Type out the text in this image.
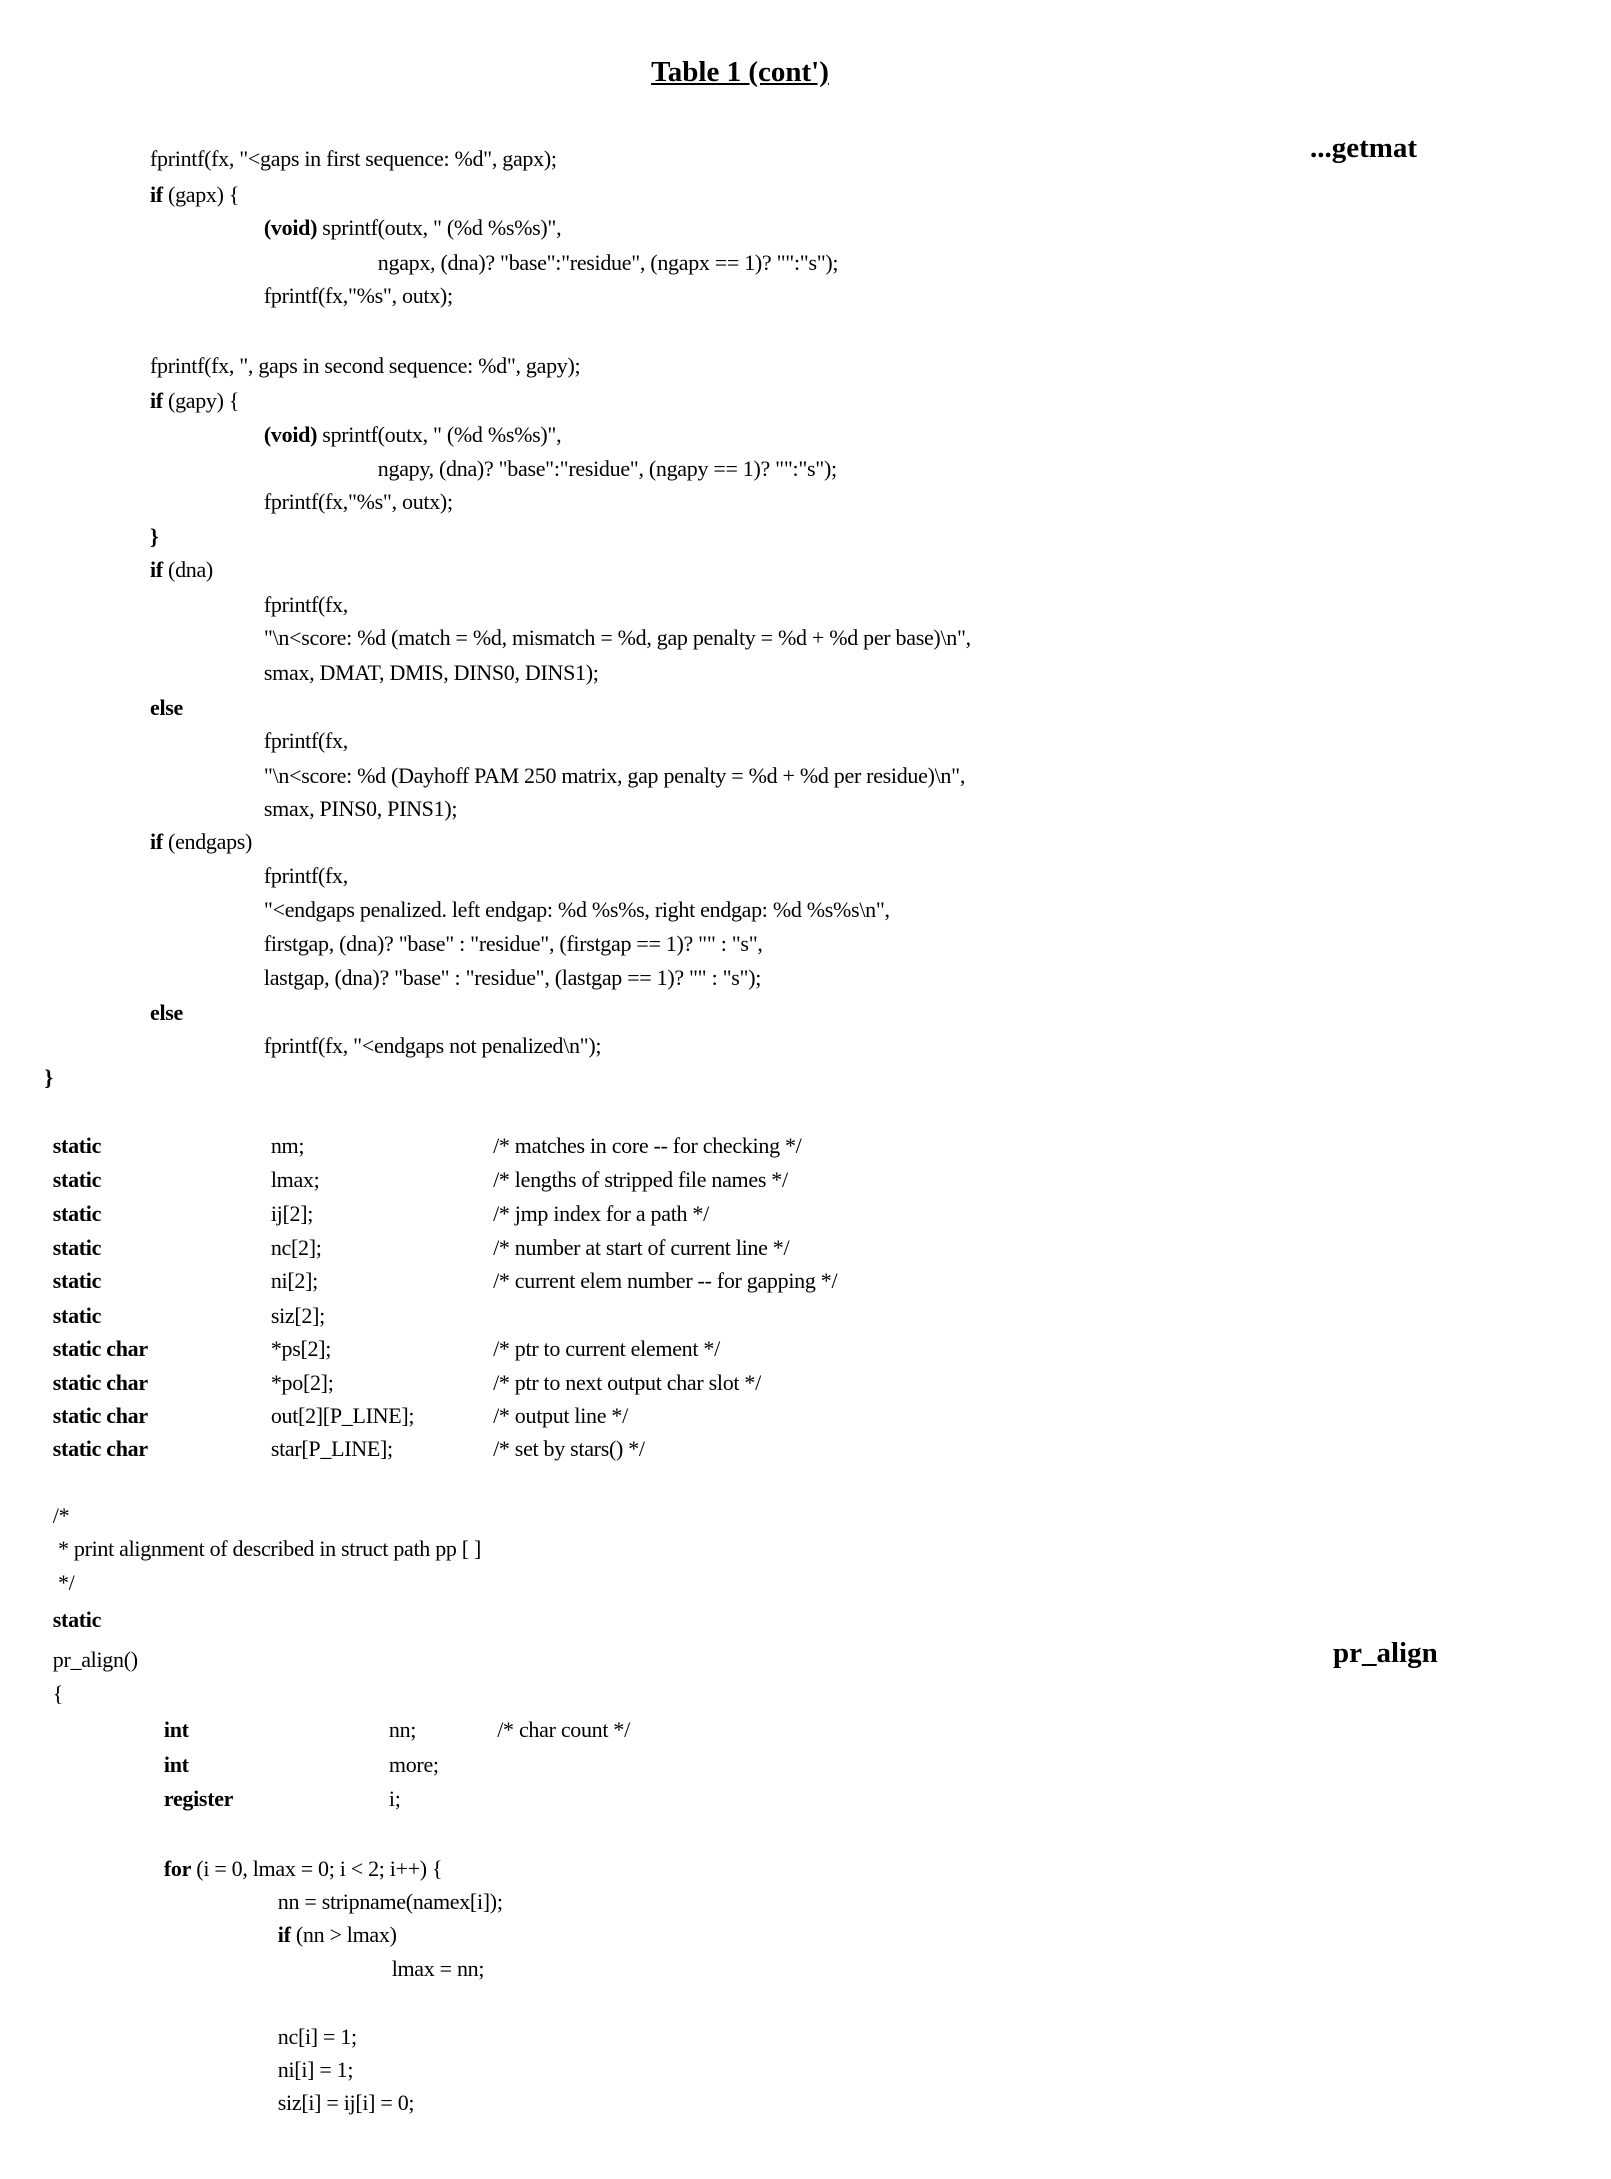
Table 1 (cont')
...getmat
pr_align
fprintf(fx, "<gaps in first sequence: %d", gapx);
if (gapx) {
(void) sprintf(outx, " (%d %s%s)",
ngapx, (dna)? "base":"residue", (ngapx == 1)? "":"s");
fprintf(fx,"%s", outx);
fprintf(fx, ", gaps in second sequence: %d", gapy);
if (gapy) {
(void) sprintf(outx, " (%d %s%s)",
ngapy, (dna)? "base":"residue", (ngapy == 1)? "":"s");
fprintf(fx,"%s", outx);
}
if (dna)
fprintf(fx,
"\n<score: %d (match = %d, mismatch = %d, gap penalty = %d + %d per base)\n",
smax, DMAT, DMIS, DINS0, DINS1);
else
fprintf(fx,
"\n<score: %d (Dayhoff PAM 250 matrix, gap penalty = %d + %d per residue)\n",
smax, PINS0, PINS1);
if (endgaps)
fprintf(fx,
"<endgaps penalized. left endgap: %d %s%s, right endgap: %d %s%s\n",
firstgap, (dna)? "base" : "residue", (firstgap == 1)? "" : "s",
lastgap, (dna)? "base" : "residue", (lastgap == 1)? "" : "s");
else
fprintf(fx, "<endgaps not penalized\n");
}
static	nm;	/* matches in core -- for checking */
static	lmax;	/* lengths of stripped file names */
static	ij[2];	/* jmp index for a path */
static	nc[2];	/* number at start of current line */
static	ni[2];	/* current elem number -- for gapping */
static	siz[2];
static char	*ps[2];	/* ptr to current element */
static char	*po[2];	/* ptr to next output char slot */
static char	out[2][P_LINE];	/* output line */
static char	star[P_LINE];	/* set by stars() */
/*
* print alignment of described in struct path pp [ ]
*/
static
pr_align()
{
int	nn;	/* char count */
int	more;
register	i;
for (i = 0, lmax = 0; i < 2; i++) {
nn = stripname(namex[i]);
if (nn > lmax)
lmax = nn;
nc[i] = 1;
ni[i] = 1;
siz[i] = ij[i] = 0;
